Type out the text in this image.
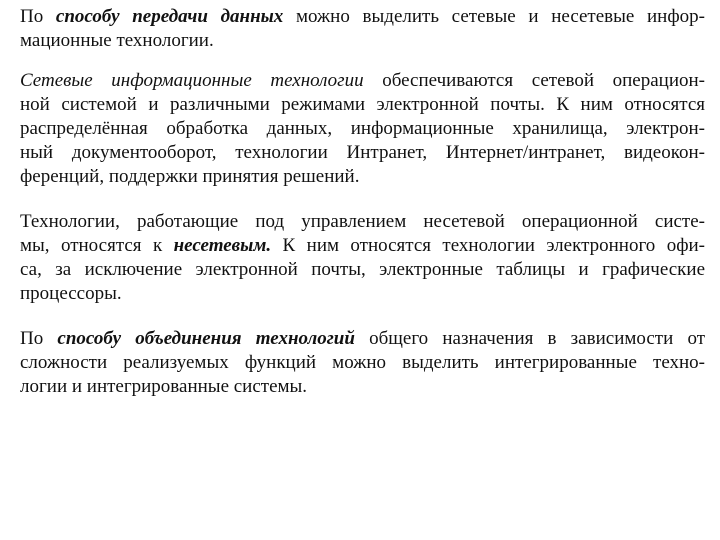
По способу передачи данных можно выделить сетевые и несетевые инфор-
мационные технологии.
Сетевые информационные технологии обеспечиваются сетевой операцион-
ной системой и различными режимами электронной почты. К ним относятся
распределённая обработка данных, информационные хранилища, электрон-
ный документооборот, технологии Интранет, Интернет/интранет, видеокон-
ференций, поддержки принятия решений.
Технологии, работающие под управлением несетевой операционной систе-
мы, относятся к несетевым. К ним относятся технологии электронного офи-
са, за исключение электронной почты, электронные таблицы и графические
процессоры.
По способу объединения технологий общего назначения в зависимости от
сложности реализуемых функций можно выделить интегрированные техно-
логии и интегрированные системы.
